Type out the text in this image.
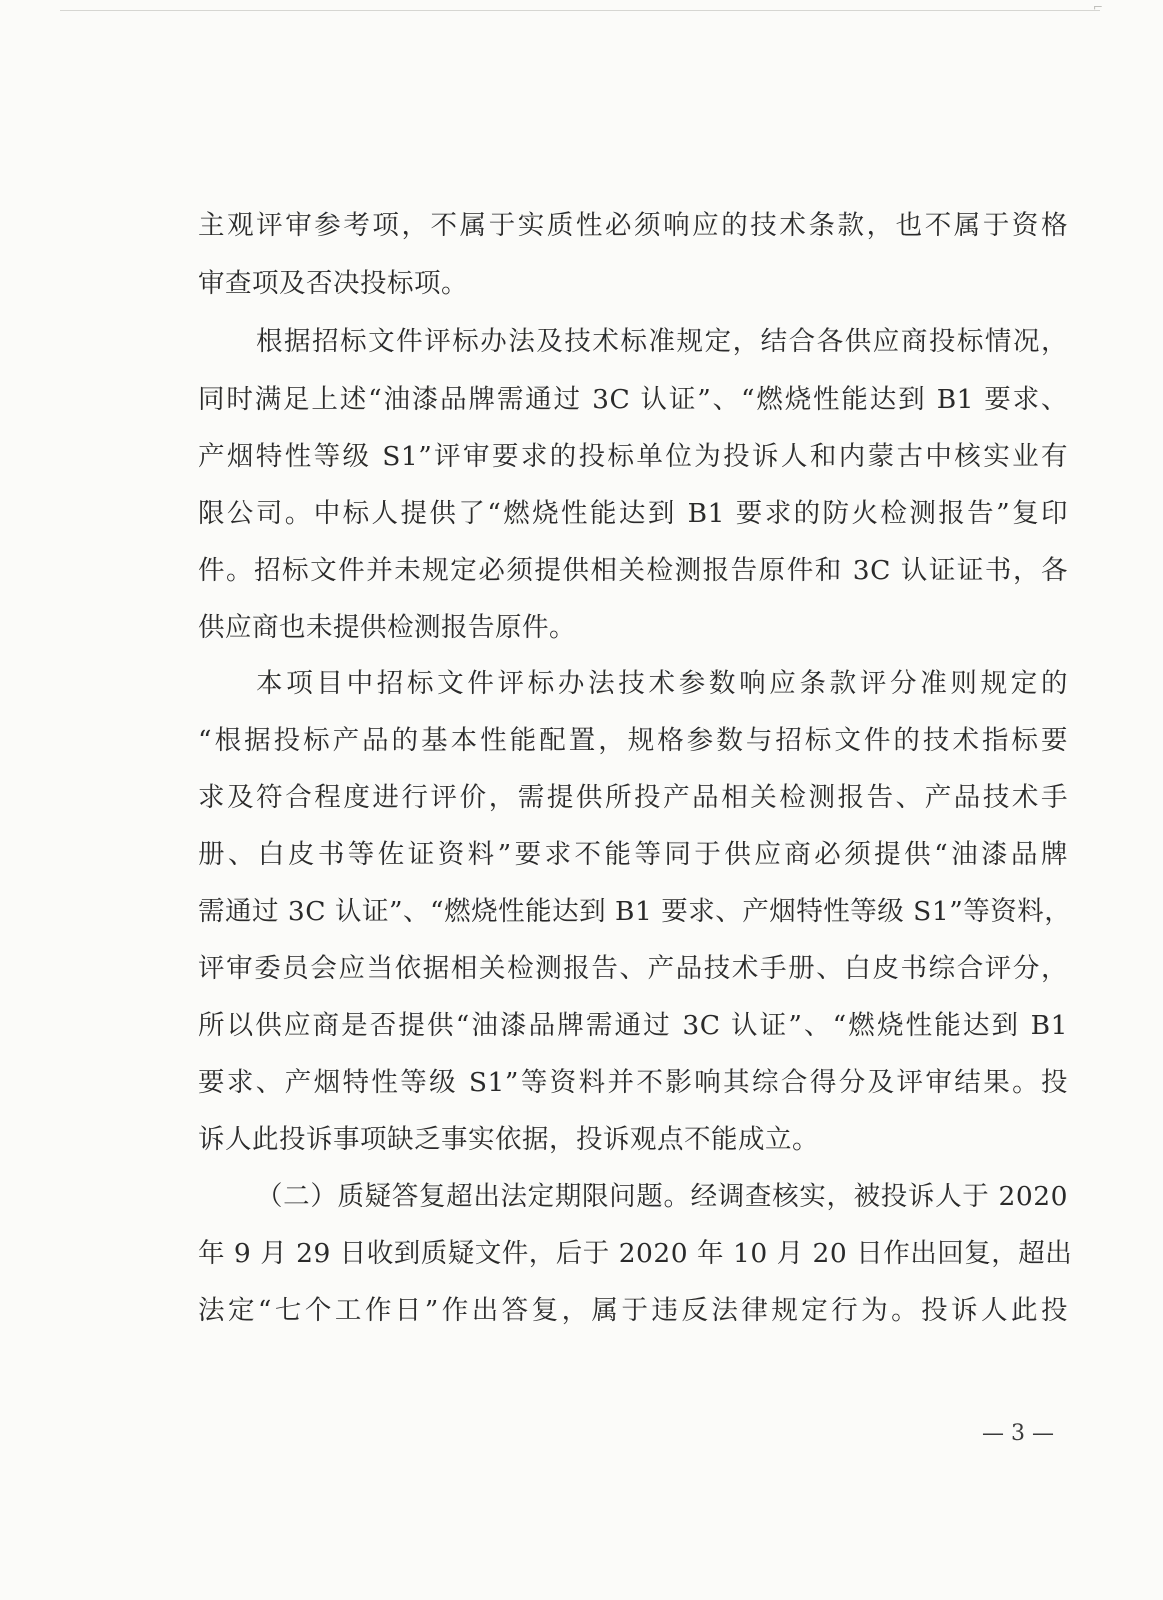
⌐
主观评审参考项，不属于实质性必须响应的技术条款，也不属于资格
审查项及否决投标项。
根据招标文件评标办法及技术标准规定，结合各供应商投标情况，
同时满足上述“油漆品牌需通过 3C 认证”、“燃烧性能达到 B1 要求、
产烟特性等级 S1”评审要求的投标单位为投诉人和内蒙古中核实业有
限公司。中标人提供了“燃烧性能达到 B1 要求的防火检测报告”复印
件。招标文件并未规定必须提供相关检测报告原件和 3C 认证证书，各
供应商也未提供检测报告原件。
本项目中招标文件评标办法技术参数响应条款评分准则规定的
“根据投标产品的基本性能配置，规格参数与招标文件的技术指标要
求及符合程度进行评价，需提供所投产品相关检测报告、产品技术手
册、白皮书等佐证资料”要求不能等同于供应商必须提供“油漆品牌
需通过 3C 认证”、“燃烧性能达到 B1 要求、产烟特性等级 S1”等资料，
评审委员会应当依据相关检测报告、产品技术手册、白皮书综合评分，
所以供应商是否提供“油漆品牌需通过 3C 认证”、“燃烧性能达到 B1
要求、产烟特性等级 S1”等资料并不影响其综合得分及评审结果。投
诉人此投诉事项缺乏事实依据，投诉观点不能成立。
（二）质疑答复超出法定期限问题。经调查核实，被投诉人于 2020
年 9 月 29 日收到质疑文件，后于 2020 年 10 月 20 日作出回复，超出
法定“七个工作日”作出答复，属于违反法律规定行为。投诉人此投
— 3 —
